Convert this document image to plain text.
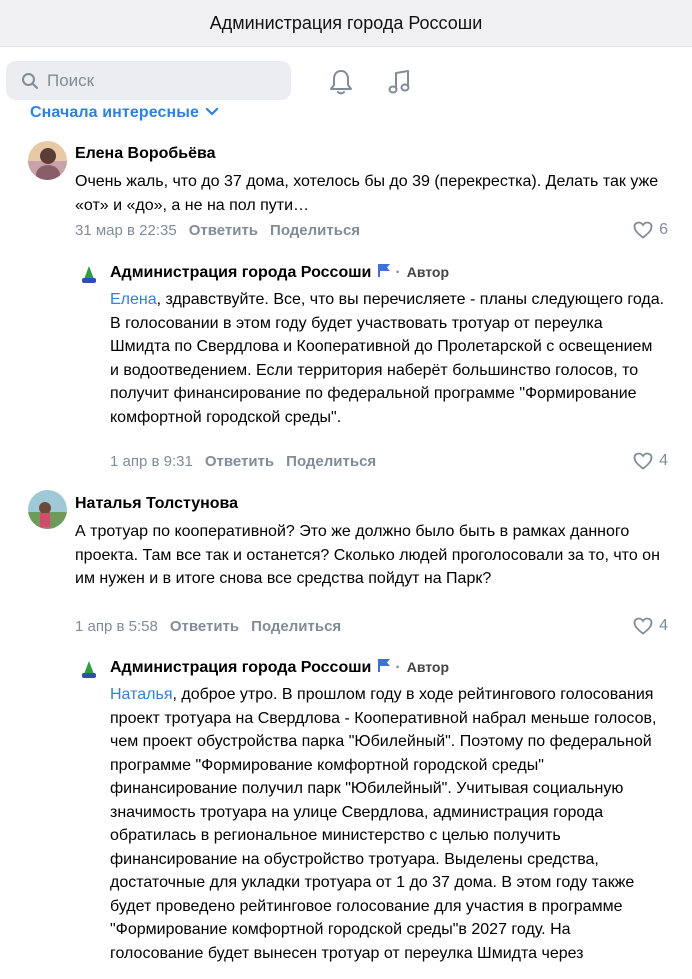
Администрация города Россоши
Поиск
Сначала интересные
Елена Воробьёва
Очень жаль, что до 37 дома, хотелось бы до 39 (перекрестка). Делать так уже «от» и «до», а не на пол пути…
31 мар в 22:35 Ответить Поделиться	6
Администрация города Россоши · Автор
Елена, здравствуйте. Все, что вы перечисляете - планы следующего года. В голосовании в этом году будет участвовать тротуар от переулка Шмидта по Свердлова и Кооперативной до Пролетарской с освещением и водоотведением. Если территория наберёт большинство голосов, то получит финансирование по федеральной программе "Формирование комфортной городской среды".
1 апр в 9:31 Ответить Поделиться	4
Наталья Толстунова
А тротуар по кооперативной? Это же должно было быть в рамках данного проекта. Там все так и останется? Сколько людей проголосовали за то, что он им нужен и в итоге снова все средства пойдут на Парк?
1 апр в 5:58 Ответить Поделиться	4
Администрация города Россоши · Автор
Наталья, доброе утро. В прошлом году в ходе рейтингового голосования проект тротуара на Свердлова - Кооперативной набрал меньше голосов, чем проект обустройства парка "Юбилейный". Поэтому по федеральной программе "Формирование комфортной городской среды" финансирование получил парк "Юбилейный". Учитывая социальную значимость тротуара на улице Свердлова, администрация города обратилась в региональное министерство с целью получить финансирование на обустройство тротуара. Выделены средства, достаточные для укладки тротуара от 1 до 37 дома. В этом году также будет проведено рейтинговое голосование для участия в программе "Формирование комфортной городской среды"в 2027 году. На голосование будет вынесен тротуар от переулка Шмидта через
